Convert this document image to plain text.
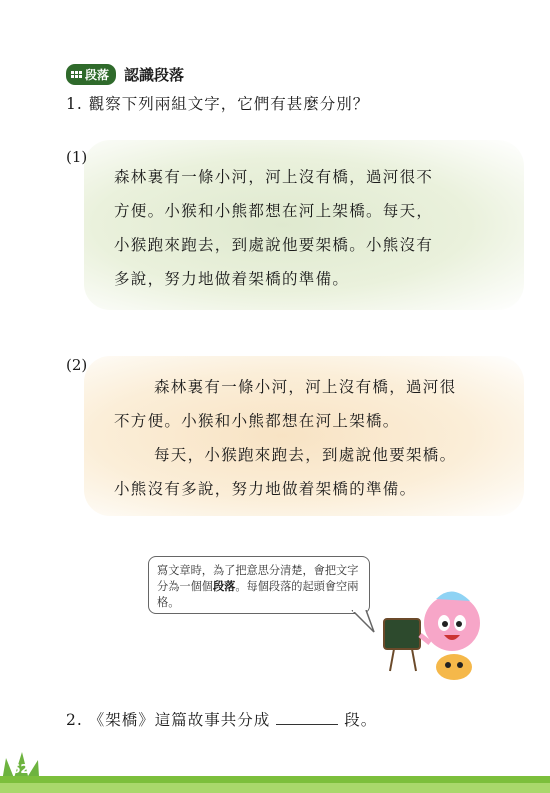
段落 認識段落
1. 觀察下列兩組文字，它們有甚麼分別？
(1)
森林裏有一條小河，河上沒有橋，過河很不
方便。小猴和小熊都想在河上架橋。每天，
小猴跑來跑去，到處說他要架橋。小熊沒有
多說，努力地做着架橋的準備。
(2)
森林裏有一條小河，河上沒有橋，過河很
不方便。小猴和小熊都想在河上架橋。
每天，小猴跑來跑去，到處說他要架橋。
小熊沒有多說，努力地做着架橋的準備。
寫文章時，為了把意思分清楚，會把文字分為一個個段落。每個段落的起頭會空兩格。
2. 《架橋》這篇故事共分成	段。
62
